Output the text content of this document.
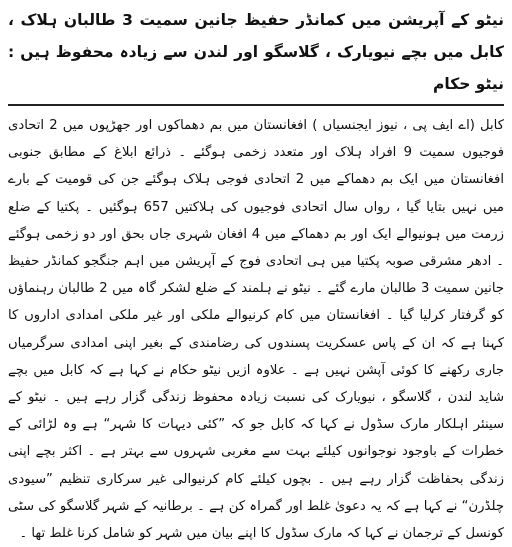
نیٹو کے آپریشن میں کمانڈر حفیظ جانین سمیت 3 طالبان ہلاک ، کابل میں بچے نیویارک ، گلاسگو اور لندن سے زیادہ محفوظ ہیں : نیٹو حکام

کابل (اے ایف پی ، نیوز ایجنسیاں ) افغانستان میں بم دھماکوں اور جھڑپوں میں 2 اتحادی فوجیوں سمیت 9 افراد ہلاک اور متعدد زخمی ہوگئے ۔ ذرائع ابلاغ کے مطابق جنوبی افغانستان میں ایک بم دھماکے میں 2 اتحادی فوجی ہلاک ہوگئے جن کی قومیت کے بارے میں نہیں بتایا گیا ، رواں سال اتحادی فوجیوں کی ہلاکتیں 657 ہوگئیں ۔ پکتیا کے ضلع زرمت میں ہونیوالے ایک اور بم دھماکے میں 4 افغان شہری جاں بحق اور دو زخمی ہوگئے ۔ ادھر مشرقی صوبہ پکتیا میں ہی اتحادی فوج کے آپریشن میں اہم جنگجو کمانڈر حفیظ جانین سمیت 3 طالبان مارے گئے ۔ نیٹو نے ہلمند کے ضلع لشکر گاہ میں 2 طالبان رہنماؤں کو گرفتار کرلیا گیا ۔ افغانستان میں کام کرنیوالے ملکی اور غیر ملکی امدادی اداروں کا کہنا ہے کہ ان کے پاس عسکریت پسندوں کی رضامندی کے بغیر اپنی امدادی سرگرمیاں جاری رکھنے کا کوئی آپشن نہیں ہے ۔ علاوہ ازیں نیٹو حکام نے کہا ہے کہ کابل میں بچے شاید لندن ، گلاسگو ، نیویارک کی نسبت زیادہ محفوظ زندگی گزار رہے ہیں ۔ نیٹو کے سینئر اہلکار مارک سڈول نے کہا کہ کابل جو کہ ”کئی دیہات کا شہر“ ہے وہ لڑائی کے خطرات کے باوجود نوجوانوں کیلئے بہت سے مغربی شہروں سے بہتر ہے ۔ اکثر بچے اپنی زندگی بحفاظت گزار رہے ہیں ۔ بچوں کیلئے کام کرنیوالی غیر سرکاری تنظیم ”سیودی چلڈرن“ نے کہا ہے کہ یہ دعویٰ غلط اور گمراہ کن ہے ۔ برطانیہ کے شہر گلاسگو کی سٹی کونسل کے ترجمان نے کہا کہ مارک سڈول کا اپنے بیان میں شہر کو شامل کرنا غلط تھا ۔
